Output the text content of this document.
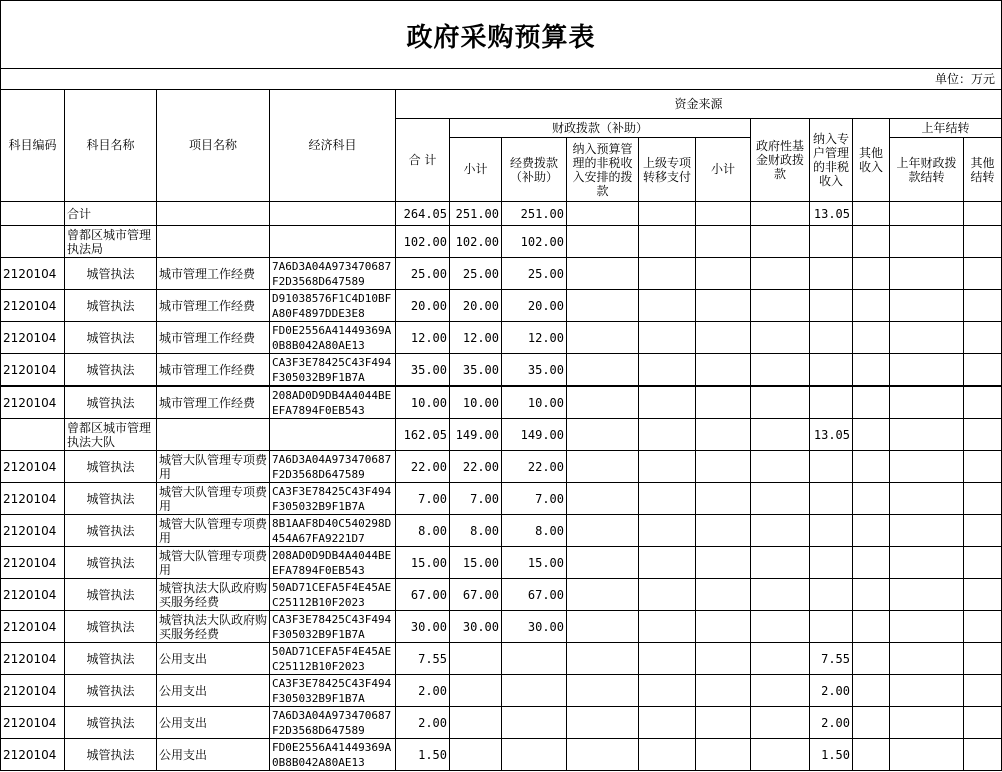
政府采购预算表
单位：万元
科目编码	科目名称	项目名称	经济科目	资金来源										
				合 计	财政拨款（补助）					政府性基金财政拨款	纳入专户管理的非税收入	其他收入	上年结转	
					小计	经费拨款（补助）	纳入预算管理的非税收入安排的拨款	上级专项转移支付	小计				上年财政拨款结转	其他结转
	合计			264.05	251.00	251.00					13.05			
	曾都区城市管理执法局			102.00	102.00	102.00								
2120104	城管执法	城市管理工作经费	7A6D3A04A973470687F2D3568D647589	25.00	25.00	25.00								
2120104	城管执法	城市管理工作经费	D91038576F1C4D10BFA80F4897DDE3E8	20.00	20.00	20.00								
2120104	城管执法	城市管理工作经费	FD0E2556A41449369A0B8B042A80AE13	12.00	12.00	12.00								
2120104	城管执法	城市管理工作经费	CA3F3E78425C43F494F305032B9F1B7A	35.00	35.00	35.00								
2120104	城管执法	城市管理工作经费	208AD0D9DB4A4044BEEFA7894F0EB543	10.00	10.00	10.00								
	曾都区城市管理执法大队			162.05	149.00	149.00					13.05			
2120104	城管执法	城管大队管理专项费用	7A6D3A04A973470687F2D3568D647589	22.00	22.00	22.00								
2120104	城管执法	城管大队管理专项费用	CA3F3E78425C43F494F305032B9F1B7A	7.00	7.00	7.00								
2120104	城管执法	城管大队管理专项费用	8B1AAF8D40C540298D454A67FA9221D7	8.00	8.00	8.00								
2120104	城管执法	城管大队管理专项费用	208AD0D9DB4A4044BEEFA7894F0EB543	15.00	15.00	15.00								
2120104	城管执法	城管执法大队政府购买服务经费	50AD71CEFA5F4E45AEC25112B10F2023	67.00	67.00	67.00								
2120104	城管执法	城管执法大队政府购买服务经费	CA3F3E78425C43F494F305032B9F1B7A	30.00	30.00	30.00								
2120104	城管执法	公用支出	50AD71CEFA5F4E45AEC25112B10F2023	7.55							7.55			
2120104	城管执法	公用支出	CA3F3E78425C43F494F305032B9F1B7A	2.00							2.00			
2120104	城管执法	公用支出	7A6D3A04A973470687F2D3568D647589	2.00							2.00			
2120104	城管执法	公用支出	FD0E2556A41449369A0B8B042A80AE13	1.50							1.50			
